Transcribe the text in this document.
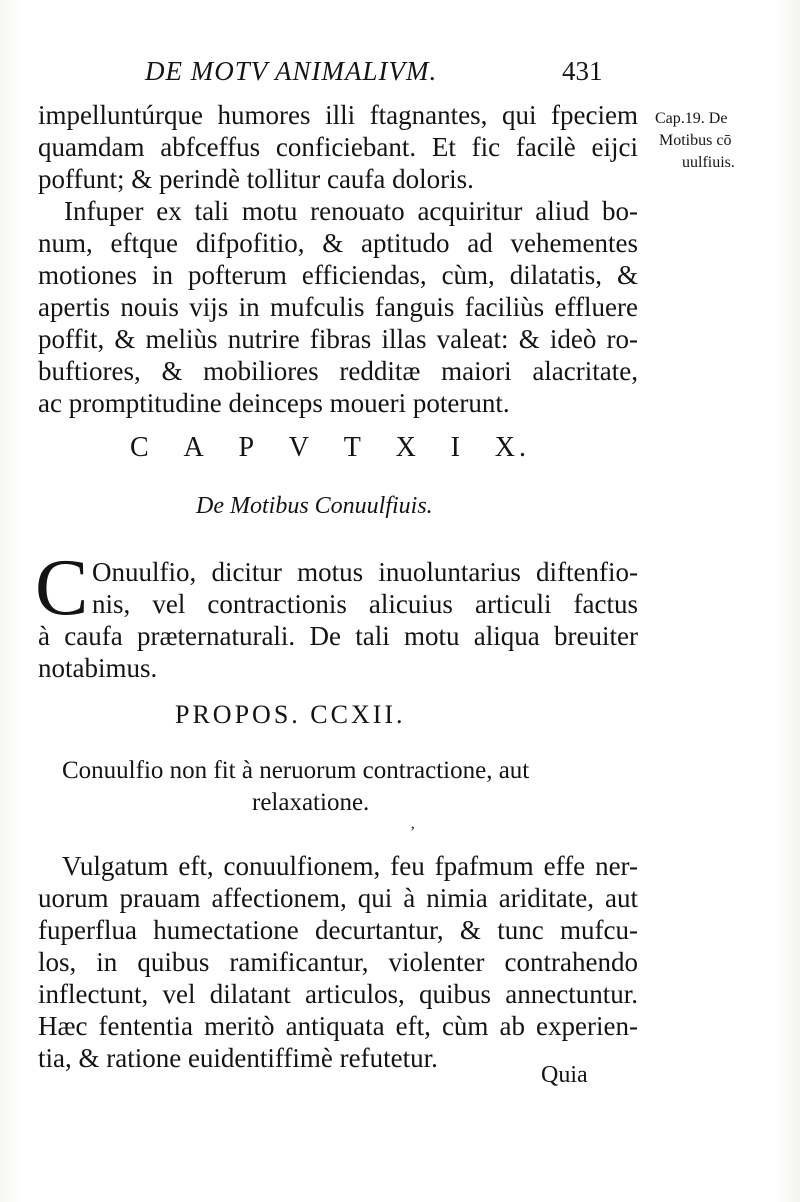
DE MOTV ANIMALIVM.	431
Cap.19. De
Motibus cō
uulfiuis.
impelluntúrque humores illi ftagnantes, qui fpeciem
quamdam abfceffus conficiebant. Et fic facilè eijci
poffunt; & perindè tollitur caufa doloris.
Infuper ex tali motu renouato acquiritur aliud bo-
num, eftque difpofitio, & aptitudo ad vehementes
motiones in pofterum efficiendas, cùm, dilatatis, &
apertis nouis vijs in mufculis fanguis faciliùs effluere
poffit, & meliùs nutrire fibras illas valeat: & ideò ro-
buftiores, & mobiliores redditæ maiori alacritate,
ac promptitudine deinceps moueri poterunt.
C A P V T X I X.
De Motibus Conuulfiuis.
C Onuulfio, dicitur motus inuoluntarius diftenfio-
nis, vel contractionis alicuius articuli factus
à caufa præternaturali. De tali motu aliqua breuiter
notabimus.
PROPOS. CCXII.
Conuulfio non fit à neruorum contractione, aut
relaxatione.
’
Vulgatum eft, conuulfionem, feu fpafmum effe ner-
uorum prauam affectionem, qui à nimia ariditate, aut
fuperflua humectatione decurtantur, & tunc mufcu-
los, in quibus ramificantur, violenter contrahendo
inflectunt, vel dilatant articulos, quibus annectuntur.
Hæc fententia meritò antiquata eft, cùm ab experien-
tia, & ratione euidentiffimè refutetur.
Quia
